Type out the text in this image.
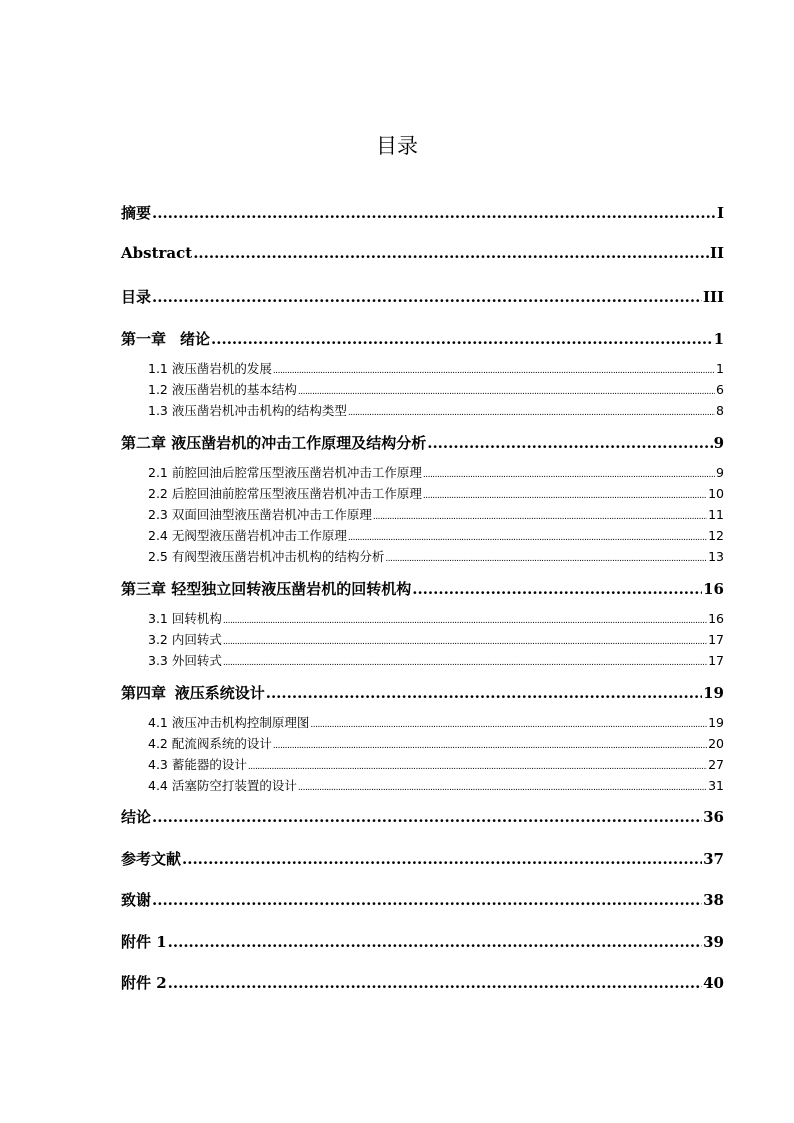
目录
摘要 .....	I
Abstract .....	II
目录 .....	III
第一章 绪论 .....	1
1.1 液压凿岩机的发展 .....	1
1.2 液压凿岩机的基本结构 .....	6
1.3 液压凿岩机冲击机构的结构类型 .....	8
第二章 液压凿岩机的冲击工作原理及结构分析 .....	9
2.1 前腔回油后腔常压型液压凿岩机冲击工作原理 .....	9
2.2 后腔回油前腔常压型液压凿岩机冲击工作原理 .....	10
2.3 双面回油型液压凿岩机冲击工作原理 .....	11
2.4 无阀型液压凿岩机冲击工作原理 .....	12
2.5 有阀型液压凿岩机冲击机构的结构分析 .....	13
第三章 轻型独立回转液压凿岩机的回转机构 .....	16
3.1 回转机构 .....	16
3.2 内回转式 .....	17
3.3 外回转式 .....	17
第四章 液压系统设计 .....	19
4.1 液压冲击机构控制原理图 .....	19
4.2 配流阀系统的设计 .....	20
4.3 蓄能器的设计 .....	27
4.4 活塞防空打装置的设计 .....	31
结论 .....	36
参考文献 .....	37
致谢 .....	38
附件 1 .....	39
附件 2 .....	40
